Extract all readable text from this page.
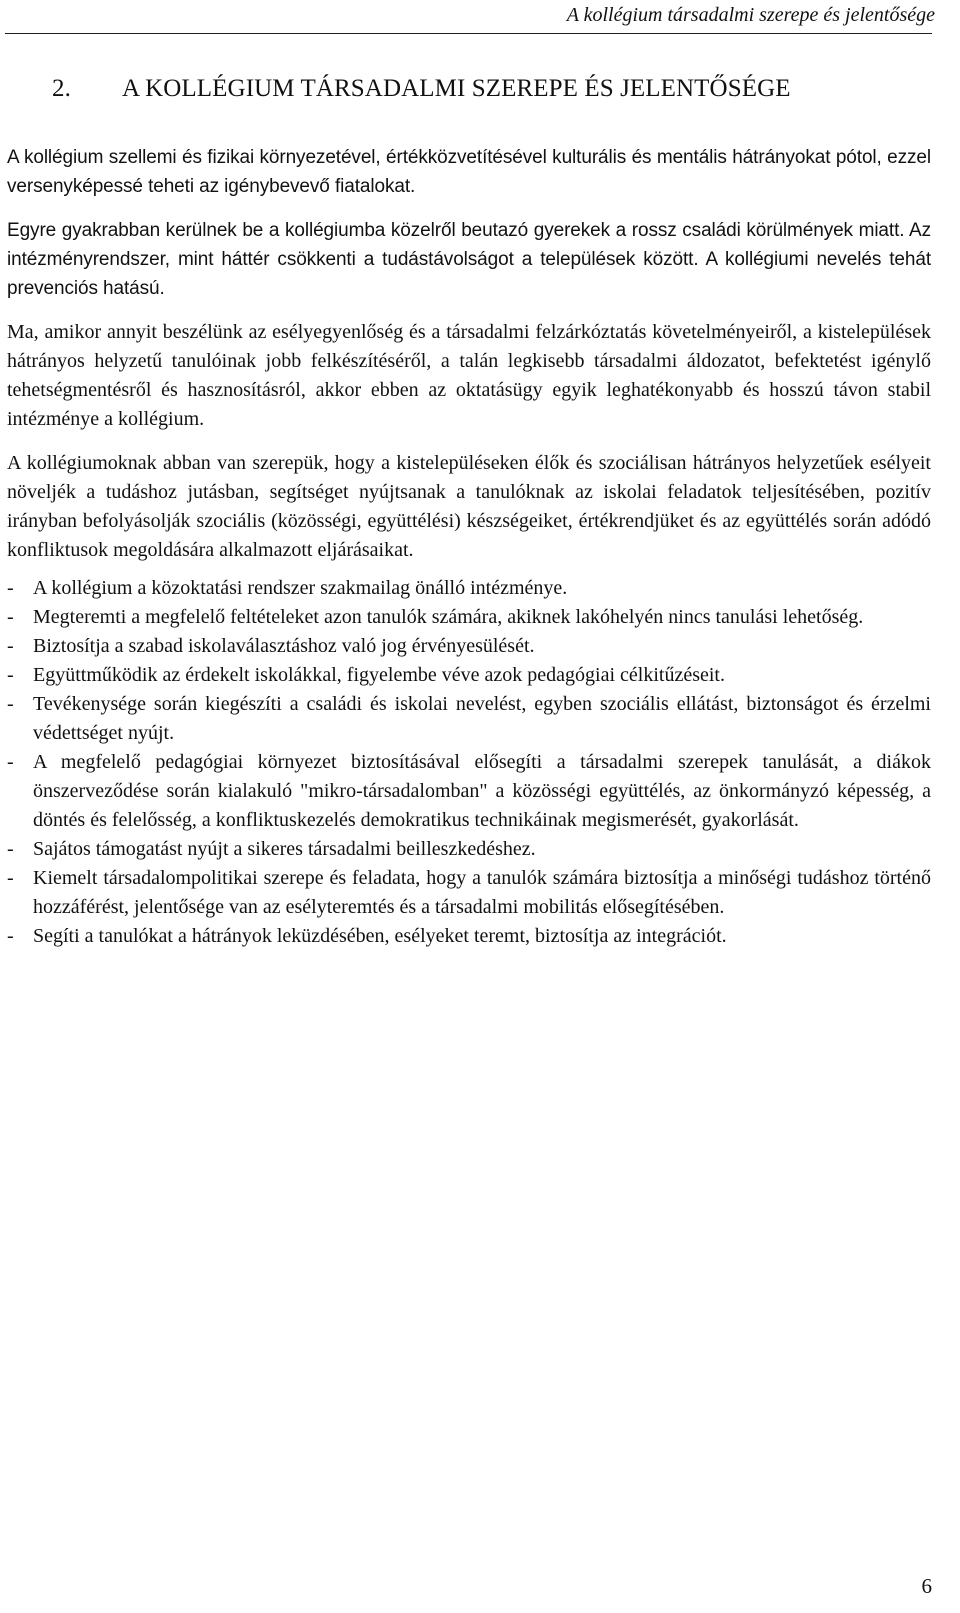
A kollégium társadalmi szerepe és jelentősége
2. A KOLLÉGIUM TÁRSADALMI SZEREPE ÉS JELENTŐSÉGE

A kollégium szellemi és fizikai környezetével, értékközvetítésével kulturális és mentális hátrányokat pótol, ezzel versenyképessé teheti az igénybevevő fiatalokat.

Egyre gyakrabban kerülnek be a kollégiumba közelről beutazó gyerekek a rossz családi körülmények miatt. Az intézményrendszer, mint háttér csökkenti a tudástávolságot a települések között. A kollégiumi nevelés tehát prevenciós hatású.

Ma, amikor annyit beszélünk az esélyegyenlőség és a társadalmi felzárkóztatás követelményeiről, a kistelepülések hátrányos helyzetű tanulóinak jobb felkészítéséről, a talán legkisebb társadalmi áldozatot, befektetést igénylő tehetségmentésről és hasznosításról, akkor ebben az oktatásügy egyik leghatékonyabb és hosszú távon stabil intézménye a kollégium.

A kollégiumoknak abban van szerepük, hogy a kistelepüléseken élők és szociálisan hátrányos helyzetűek esélyeit növeljék a tudáshoz jutásban, segítséget nyújtsanak a tanulóknak az iskolai feladatok teljesítésében, pozitív irányban befolyásolják szociális (közösségi, együttélési) készségeiket, értékrendjüket és az együttélés során adódó konfliktusok megoldására alkalmazott eljárásaikat.

- A kollégium a közoktatási rendszer szakmailag önálló intézménye.
- Megteremti a megfelelő feltételeket azon tanulók számára, akiknek lakóhelyén nincs tanulási lehetőség.
- Biztosítja a szabad iskolaválasztáshoz való jog érvényesülését.
- Együttműködik az érdekelt iskolákkal, figyelembe véve azok pedagógiai célkitűzéseit.
- Tevékenysége során kiegészíti a családi és iskolai nevelést, egyben szociális ellátást, biztonságot és érzelmi védettséget nyújt.
- A megfelelő pedagógiai környezet biztosításával elősegíti a társadalmi szerepek tanulását, a diákok önszerveződése során kialakuló "mikro-társadalomban" a közösségi együttélés, az önkormányzó képesség, a döntés és felelősség, a konfliktuskezelés demokratikus technikáinak megismerését, gyakorlását.
- Sajátos támogatást nyújt a sikeres társadalmi beilleszkedéshez.
- Kiemelt társadalompolitikai szerepe és feladata, hogy a tanulók számára biztosítja a minőségi tudáshoz történő hozzáférést, jelentősége van az esélyteremtés és a társadalmi mobilitás elősegítésében.
- Segíti a tanulókat a hátrányok leküzdésében, esélyeket teremt, biztosítja az integrációt.
6
